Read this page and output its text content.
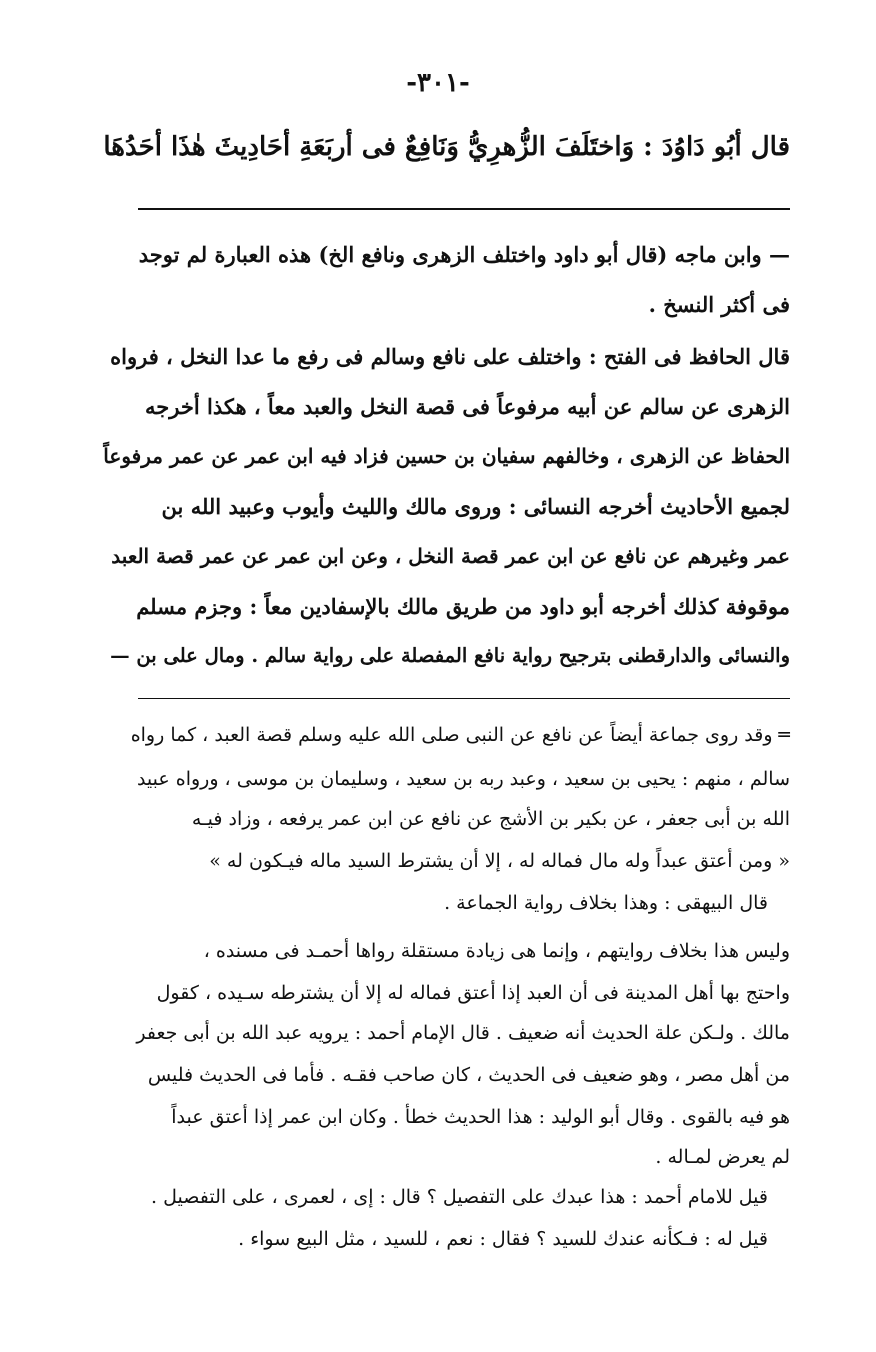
-٣٠١-
قال أبُو دَاوُدَ : وَاختَلَفَ الزُّهرِيُّ وَنَافِعٌ فى أربَعَةِ أحَادِيثَ هٰذَا أحَدُهَا
— وابن ماجه (قال أبو داود واختلف الزهرى ونافع الخ) هذه العبارة لم توجد
فى أكثر النسخ .
قال الحافظ فى الفتح : واختلف على نافع وسالم فى رفع ما عدا النخل ، فرواه
الزهرى عن سالم عن أبيه مرفوعاً فى قصة النخل والعبد معاً ، هكذا أخرجه
الحفاظ عن الزهرى ، وخالفهم سفيان بن حسين فزاد فيه ابن عمر عن عمر مرفوعاً
لجميع الأحاديث أخرجه النسائى : وروى مالك والليث وأيوب وعبيد الله بن
عمر وغيرهم عن نافع عن ابن عمر قصة النخل ، وعن ابن عمر عن عمر قصة العبد
موقوفة كذلك أخرجه أبو داود من طريق مالك بالإسفادين معاً : وجزم مسلم
والنسائى والدارقطنى بترجيح رواية نافع المفصلة على رواية سالم . ومال على بن —
═ وقد روى جماعة أيضاً عن نافع عن النبى صلى الله عليه وسلم قصة العبد ، كما رواه
سالم ، منهم : يحيى بن سعيد ، وعبد ربه بن سعيد ، وسليمان بن موسى ، ورواه عبيد
الله بن أبى جعفر ، عن بكير بن الأشج عن نافع عن ابن عمر يرفعه ، وزاد فيـه
« ومن أعتق عبداً وله مال فماله له ، إلا أن يشترط السيد ماله فيـكون له »
قال البيهقى : وهذا بخلاف رواية الجماعة .
وليس هذا بخلاف روايتهم ، وإنما هى زيادة مستقلة رواها أحمـد فى مسنده ،
واحتج بها أهل المدينة فى أن العبد إذا أعتق فماله له إلا أن يشترطه سـيده ، كقول
مالك . ولـكن علة الحديث أنه ضعيف . قال الإمام أحمد : يرويه عبد الله بن أبى جعفر
من أهل مصر ، وهو ضعيف فى الحديث ، كان صاحب فقـه . فأما فى الحديث فليس
هو فيه بالقوى . وقال أبو الوليد : هذا الحديث خطأ . وكان ابن عمر إذا أعتق عبداً
لم يعرض لمـاله .
قيل للامام أحمد : هذا عبدك على التفصيل ؟ قال : إى ، لعمرى ، على التفصيل .
قيل له : فـكأنه عندك للسيد ؟ فقال : نعم ، للسيد ، مثل البيع سواء .
